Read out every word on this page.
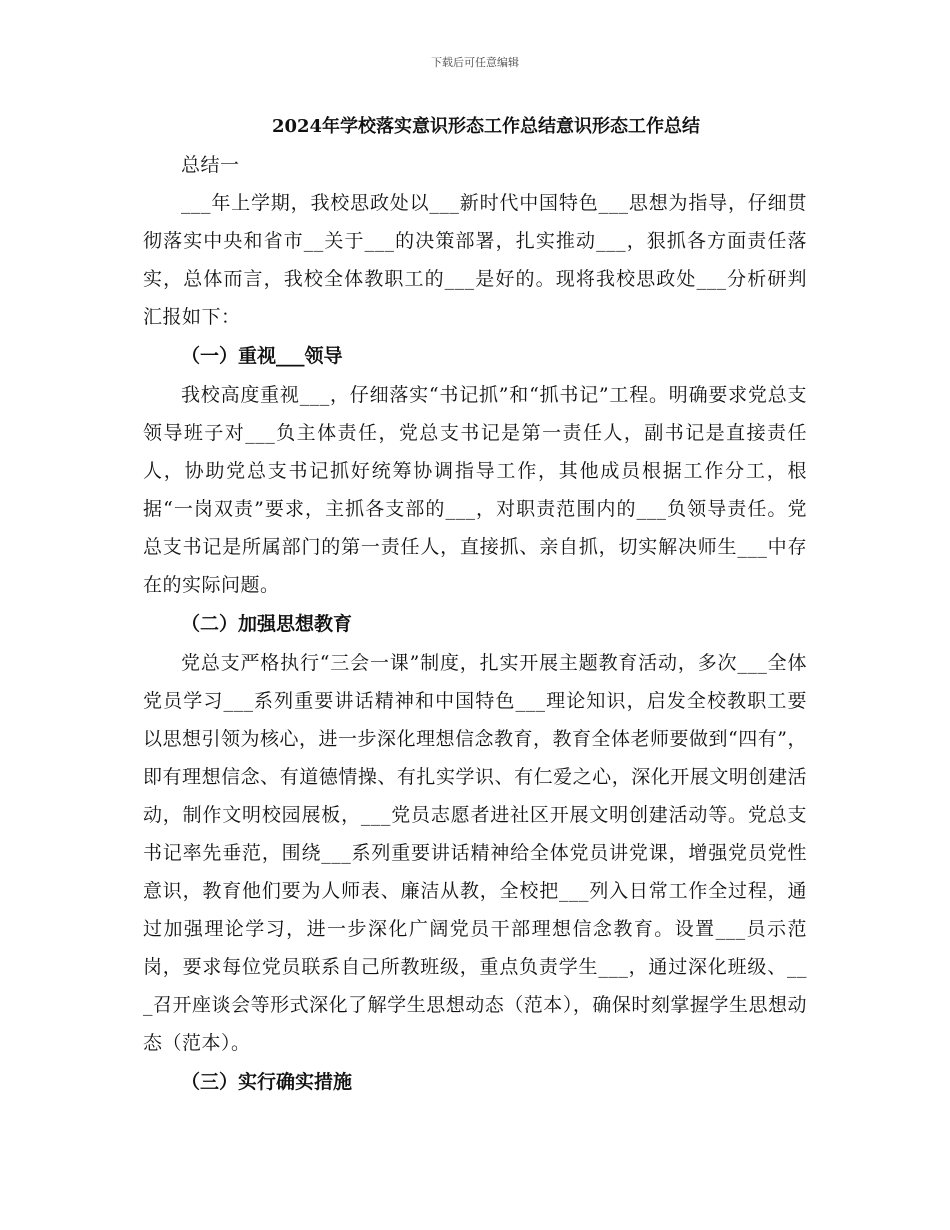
下载后可任意编辑
2024年学校落实意识形态工作总结意识形态工作总结

总结一

___年上学期，我校思政处以___新时代中国特色___思想为指导，仔细贯彻落实中央和省市__关于___的决策部署，扎实推动___，狠抓各方面责任落实，总体而言，我校全体教职工的___是好的。现将我校思政处___分析研判汇报如下：

（一）重视___领导

我校高度重视___，仔细落实“书记抓”和“抓书记”工程。明确要求党总支领导班子对___负主体责任，党总支书记是第一责任人，副书记是直接责任人，协助党总支书记抓好统筹协调指导工作，其他成员根据工作分工，根据“一岗双责”要求，主抓各支部的___，对职责范围内的___负领导责任。党总支书记是所属部门的第一责任人，直接抓、亲自抓，切实解决师生___中存在的实际问题。

（二）加强思想教育

党总支严格执行“三会一课”制度，扎实开展主题教育活动，多次___全体党员学习___系列重要讲话精神和中国特色___理论知识，启发全校教职工要以思想引领为核心，进一步深化理想信念教育，教育全体老师要做到“四有”，即有理想信念、有道德情操、有扎实学识、有仁爱之心，深化开展文明创建活动，制作文明校园展板，___党员志愿者进社区开展文明创建活动等。党总支书记率先垂范，围绕___系列重要讲话精神给全体党员讲党课，增强党员党性意识，教育他们要为人师表、廉洁从教，全校把___列入日常工作全过程，通过加强理论学习，进一步深化广阔党员干部理想信念教育。设置___员示范岗，要求每位党员联系自己所教班级，重点负责学生___，通过深化班级、___召开座谈会等形式深化了解学生思想动态（范本），确保时刻掌握学生思想动态（范本）。

（三）实行确实措施
